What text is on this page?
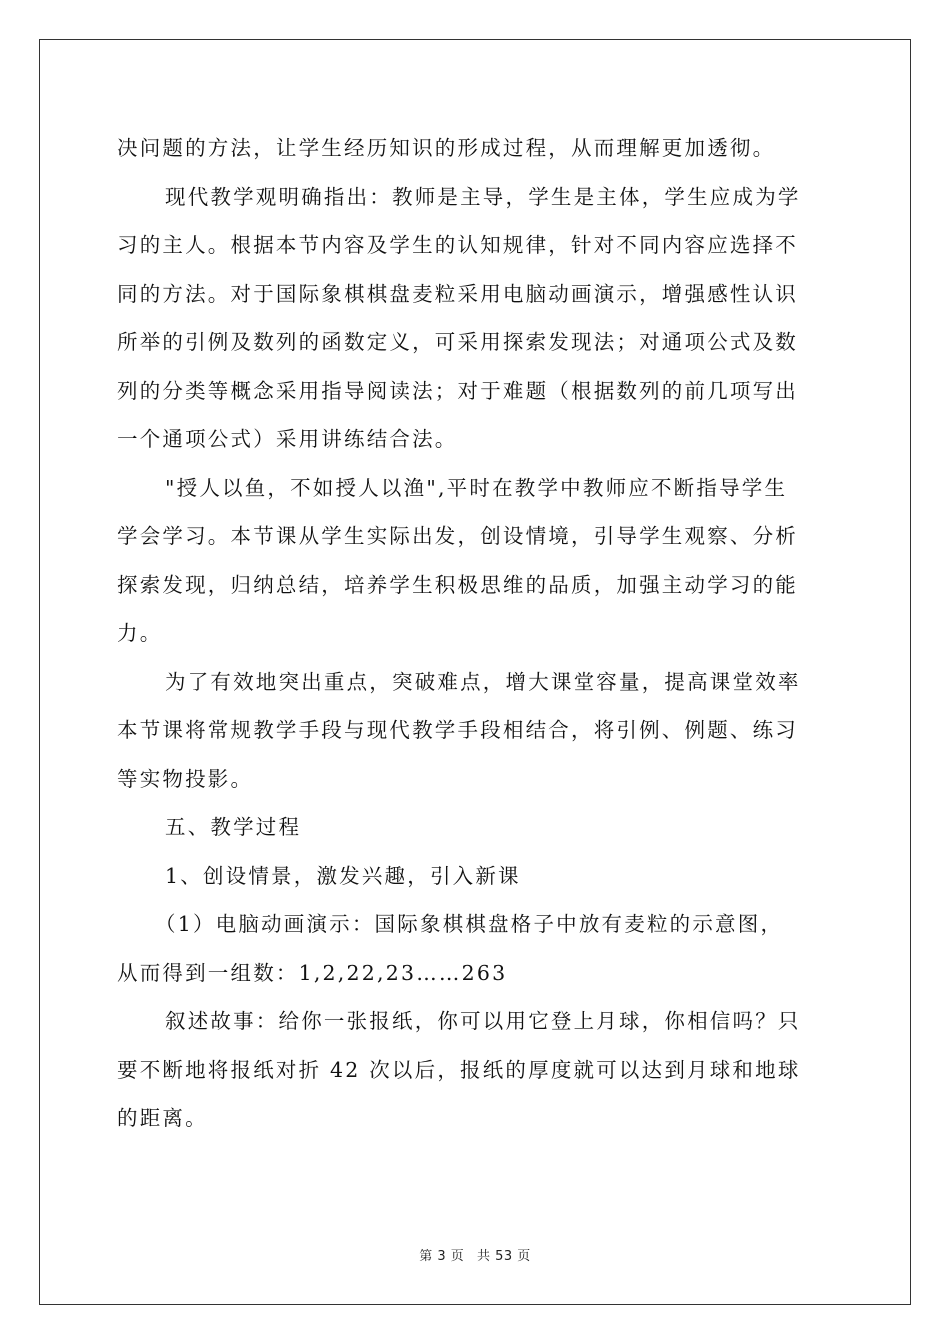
决问题的方法，让学生经历知识的形成过程，从而理解更加透彻。
现代教学观明确指出：教师是主导，学生是主体，学生应成为学
习的主人。根据本节内容及学生的认知规律，针对不同内容应选择不
同的方法。对于国际象棋棋盘麦粒采用电脑动画演示，增强感性认识
所举的引例及数列的函数定义，可采用探索发现法；对通项公式及数
列的分类等概念采用指导阅读法；对于难题（根据数列的前几项写出
一个通项公式）采用讲练结合法。
"授人以鱼，不如授人以渔",平时在教学中教师应不断指导学生
学会学习。本节课从学生实际出发，创设情境，引导学生观察、分析
探索发现，归纳总结，培养学生积极思维的品质，加强主动学习的能
力。
为了有效地突出重点，突破难点，增大课堂容量，提高课堂效率
本节课将常规教学手段与现代教学手段相结合，将引例、例题、练习
等实物投影。
五、教学过程
1、创设情景，激发兴趣，引入新课
（1）电脑动画演示：国际象棋棋盘格子中放有麦粒的示意图，
从而得到一组数：1,2,22,23……263
叙述故事：给你一张报纸，你可以用它登上月球，你相信吗？只
要不断地将报纸对折 42 次以后，报纸的厚度就可以达到月球和地球
的距离。
第 3 页 共 53 页
